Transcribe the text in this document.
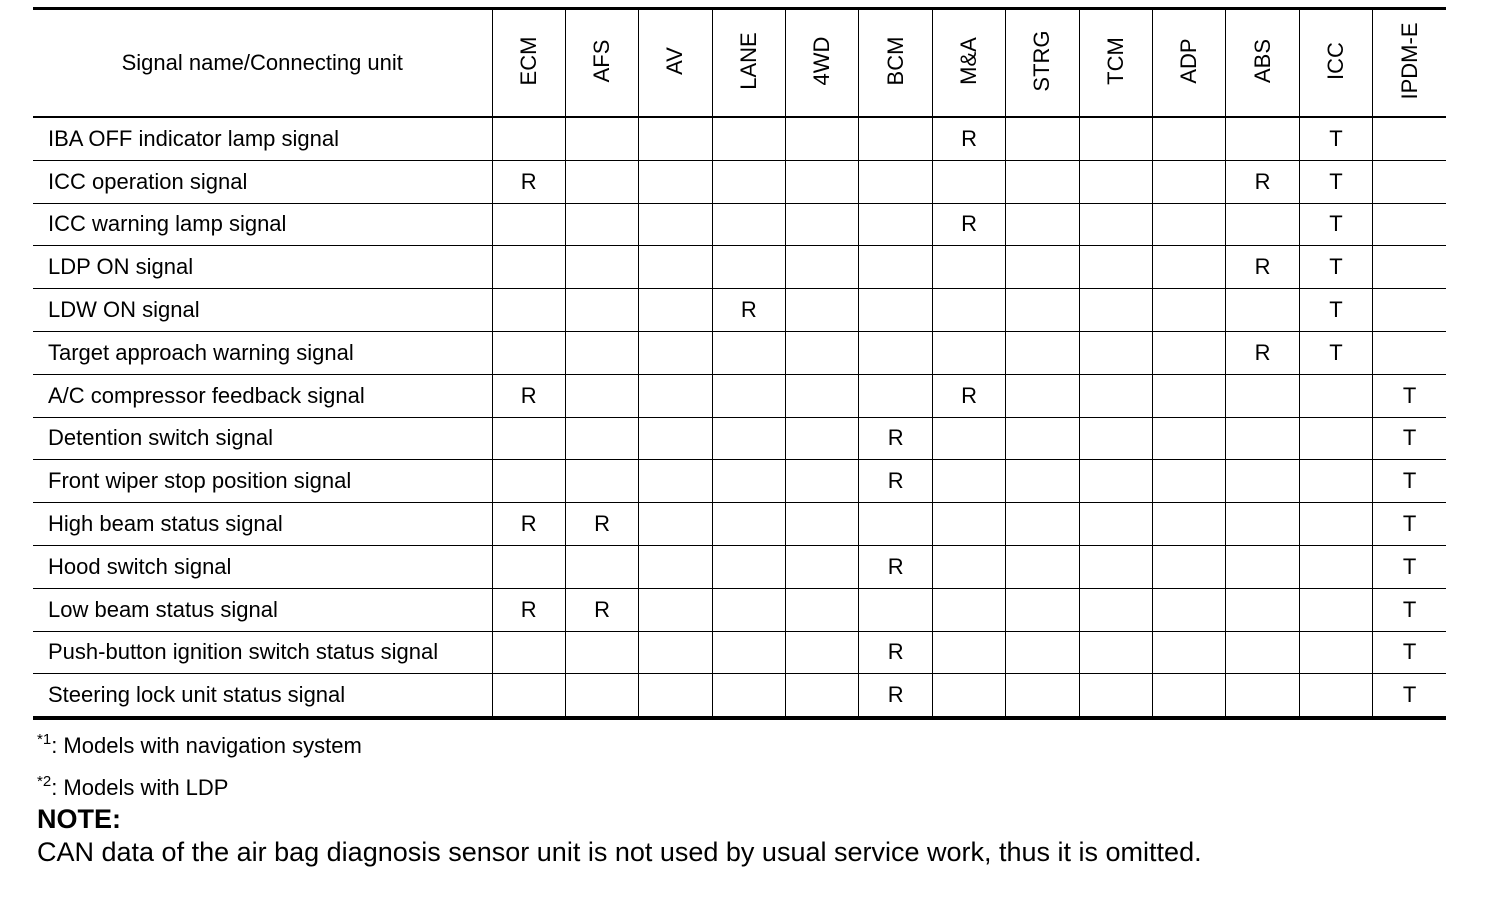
Signal name/Connecting unit	ECM	AFS	AV	LANE	4WD	BCM	M&A	STRG	TCM	ADP	ABS	ICC	IPDM-E

IBA OFF indicator lamp signal							R					T	
ICC operation signal	R										R	T	
ICC warning lamp signal							R					T	
LDP ON signal											R	T	
LDW ON signal				R								T	
Target approach warning signal											R	T	
A/C compressor feedback signal	R						R						T
Detention switch signal						R							T
Front wiper stop position signal						R							T
High beam status signal	R	R											T
Hood switch signal						R							T
Low beam status signal	R	R											T
Push-button ignition switch status signal						R							T
Steering lock unit status signal						R							T
$^{*1}$: Models with navigation system
$^{*2}$: Models with LDP
NOTE:
CAN data of the air bag diagnosis sensor unit is not used by usual service work, thus it is omitted.
